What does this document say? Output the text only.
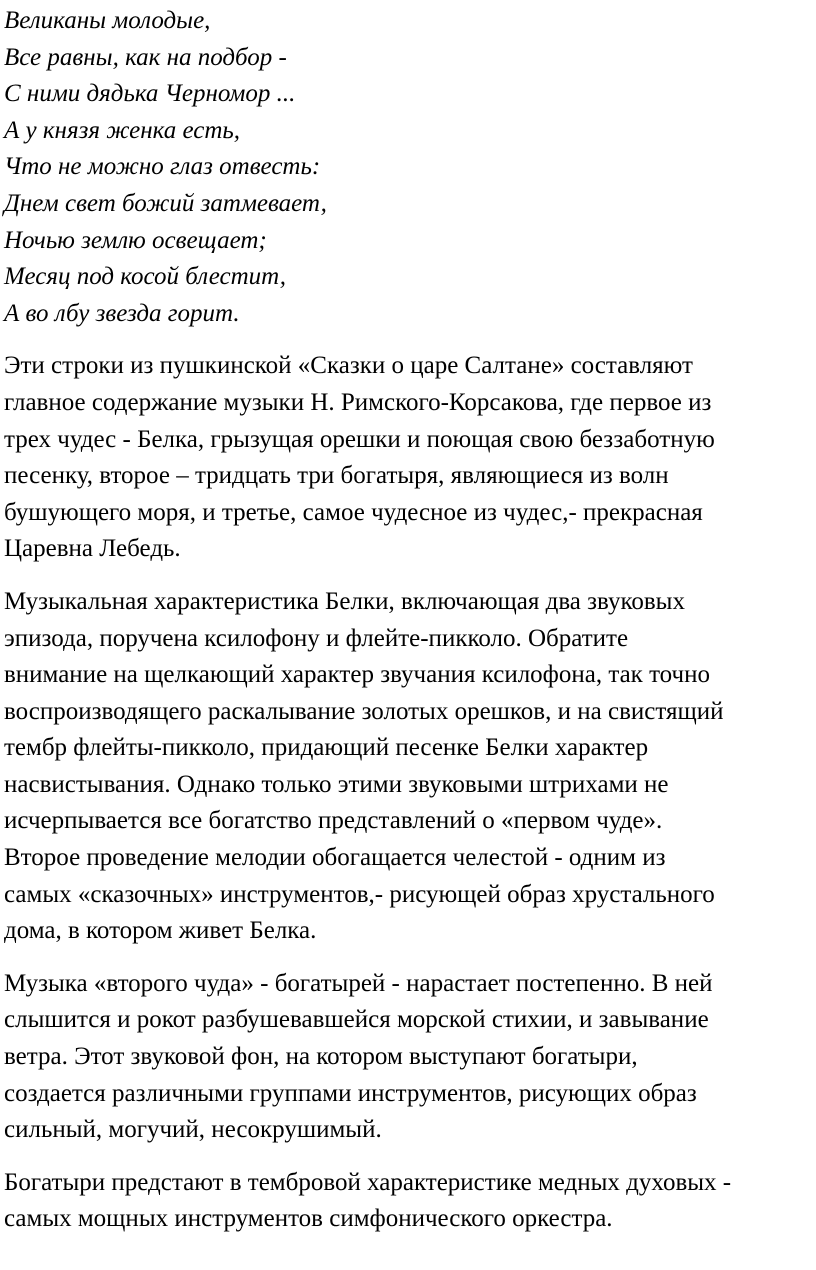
Великаны молодые,
Все равны, как на подбор -
С ними дядька Черномор ...
А у князя женка есть,
Что не можно глаз отвесть:
Днем свет божий затмевает,
Ночью землю освещает;
Месяц под косой блестит,
А во лбу звезда горит.
Эти строки из пушкинской «Сказки о царе Салтане» составляют
главное содержание музыки Н. Римского-Корсакова, где первое из
трех чудес - Белка, грызущая орешки и поющая свою беззаботную
песенку, второе – тридцать три богатыря, являющиеся из волн
бушующего моря, и третье, самое чудесное из чудес,- прекрасная
Царевна Лебедь.
Музыкальная характеристика Белки, включающая два звуковых
эпизода, поручена ксилофону и флейте-пикколо. Обратите
внимание на щелкающий характер звучания ксилофона, так точно
воспроизводящего раскалывание золотых орешков, и на свистящий
тембр флейты-пикколо, придающий песенке Белки характер
насвистывания. Однако только этими звуковыми штрихами не
исчерпывается все богатство представлений о «первом чуде».
Второе проведение мелодии обогащается челестой - одним из
самых «сказочных» инструментов,- рисующей образ хрустального
дома, в котором живет Белка.
Музыка «второго чуда» - богатырей - нарастает постепенно. В ней
слышится и рокот разбушевавшейся морской стихии, и завывание
ветра. Этот звуковой фон, на котором выступают богатыри,
создается различными группами инструментов, рисующих образ
сильный, могучий, несокрушимый.
Богатыри предстают в тембровой характеристике медных духовых -
самых мощных инструментов симфонического оркестра.
